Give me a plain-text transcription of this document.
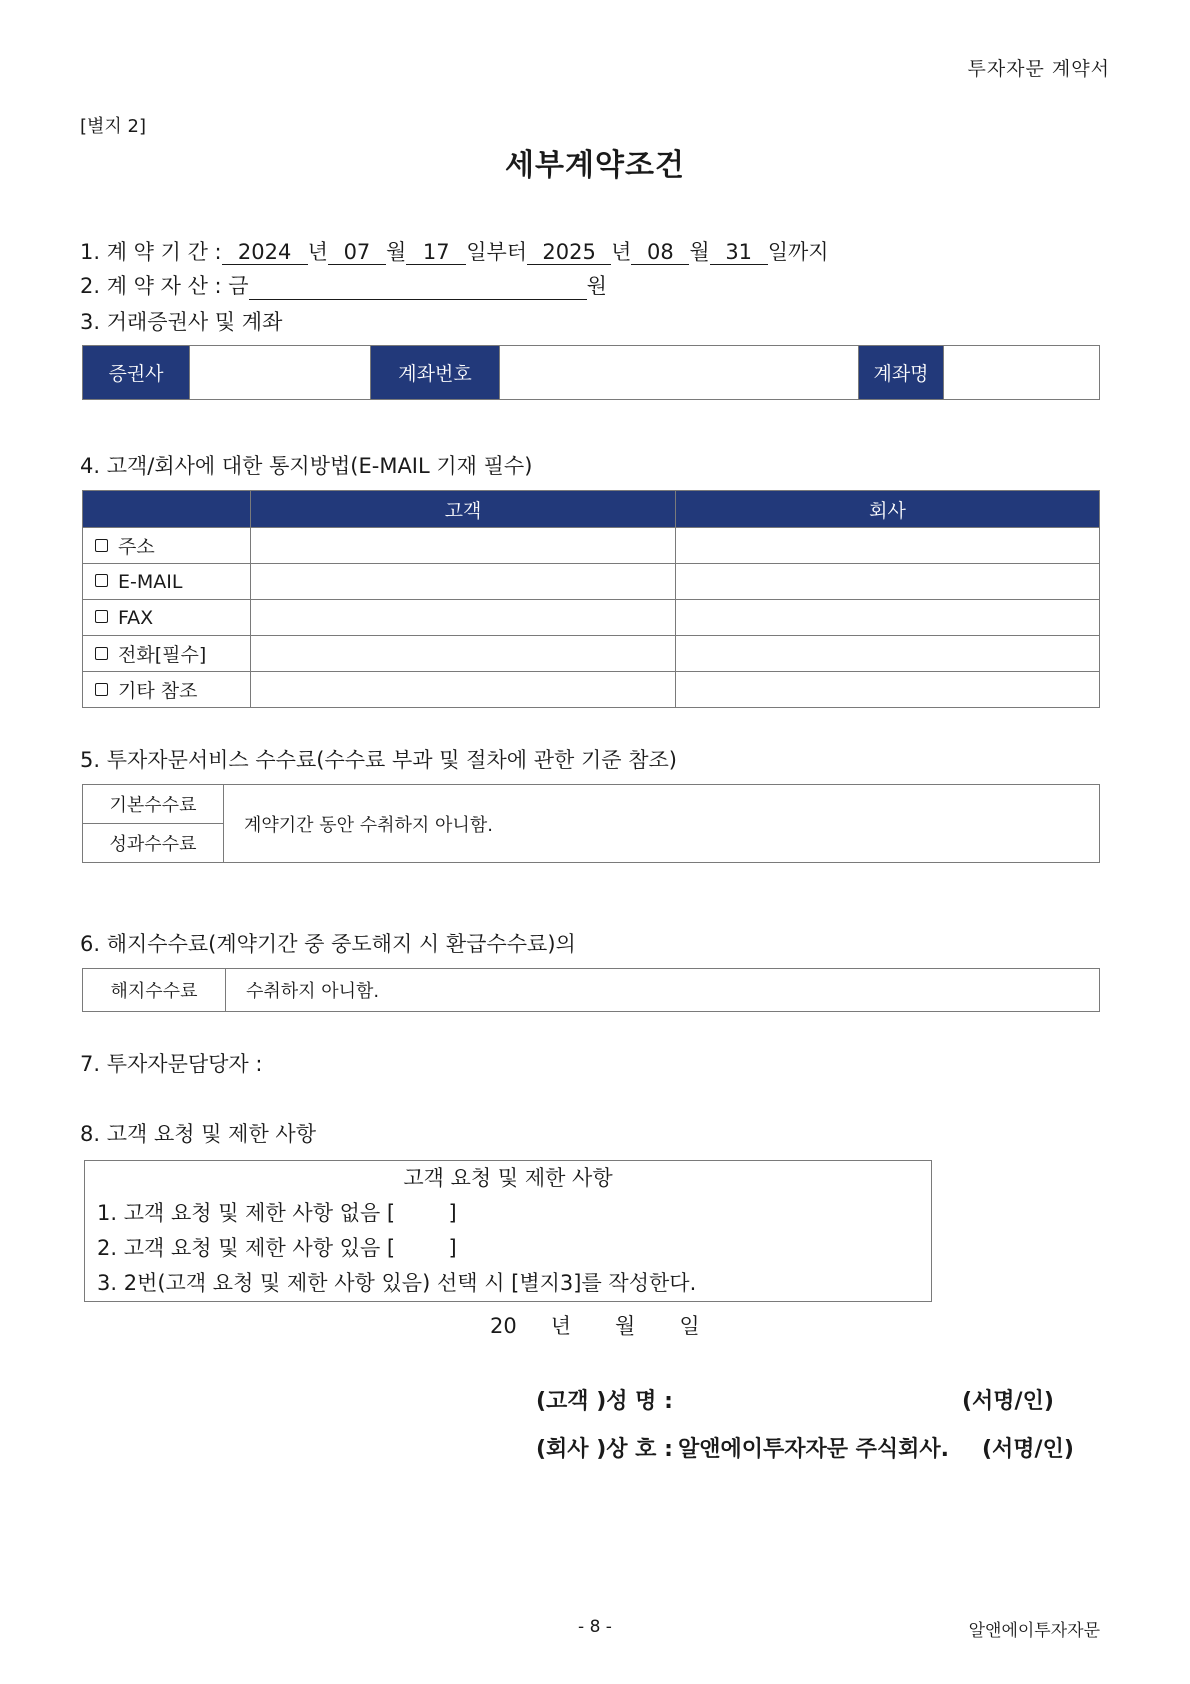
투자자문 계약서
[별지 2]
세부계약조건
1. 계 약 기 간 : 2024 년 07 월 17 일부터 2025 년 08 월 31 일까지
2. 계 약 자 산 : 금	원
3. 거래증권사 및 계좌
증권사		계좌번호		계좌명	
4. 고객/회사에 대한 통지방법(E-MAIL 기재 필수)
	고객	회사
주소		
E-MAIL		
FAX		
전화[필수]		
기타 참조		
5. 투자자문서비스 수수료(수수료 부과 및 절차에 관한 기준 참조)
기본수수료	계약기간 동안 수취하지 아니함.
성과수수료
6. 해지수수료(계약기간 중 중도해지 시 환급수수료)의
해지수수료	수취하지 아니함.
7. 투자자문담당자 :
8. 고객 요청 및 제한 사항
고객 요청 및 제한 사항
1. 고객 요청 및 제한 사항 없음 [        ]
2. 고객 요청 및 제한 사항 있음 [        ]
3. 2번(고객 요청 및 제한 사항 있음) 선택 시 [별지3]를 작성한다.
20 년 월 일
(고객 )성 명 :	(서명/인)
(회사 )상 호 : 알앤에이투자자문 주식회사. (서명/인)
- 8 -	알앤에이투자자문
